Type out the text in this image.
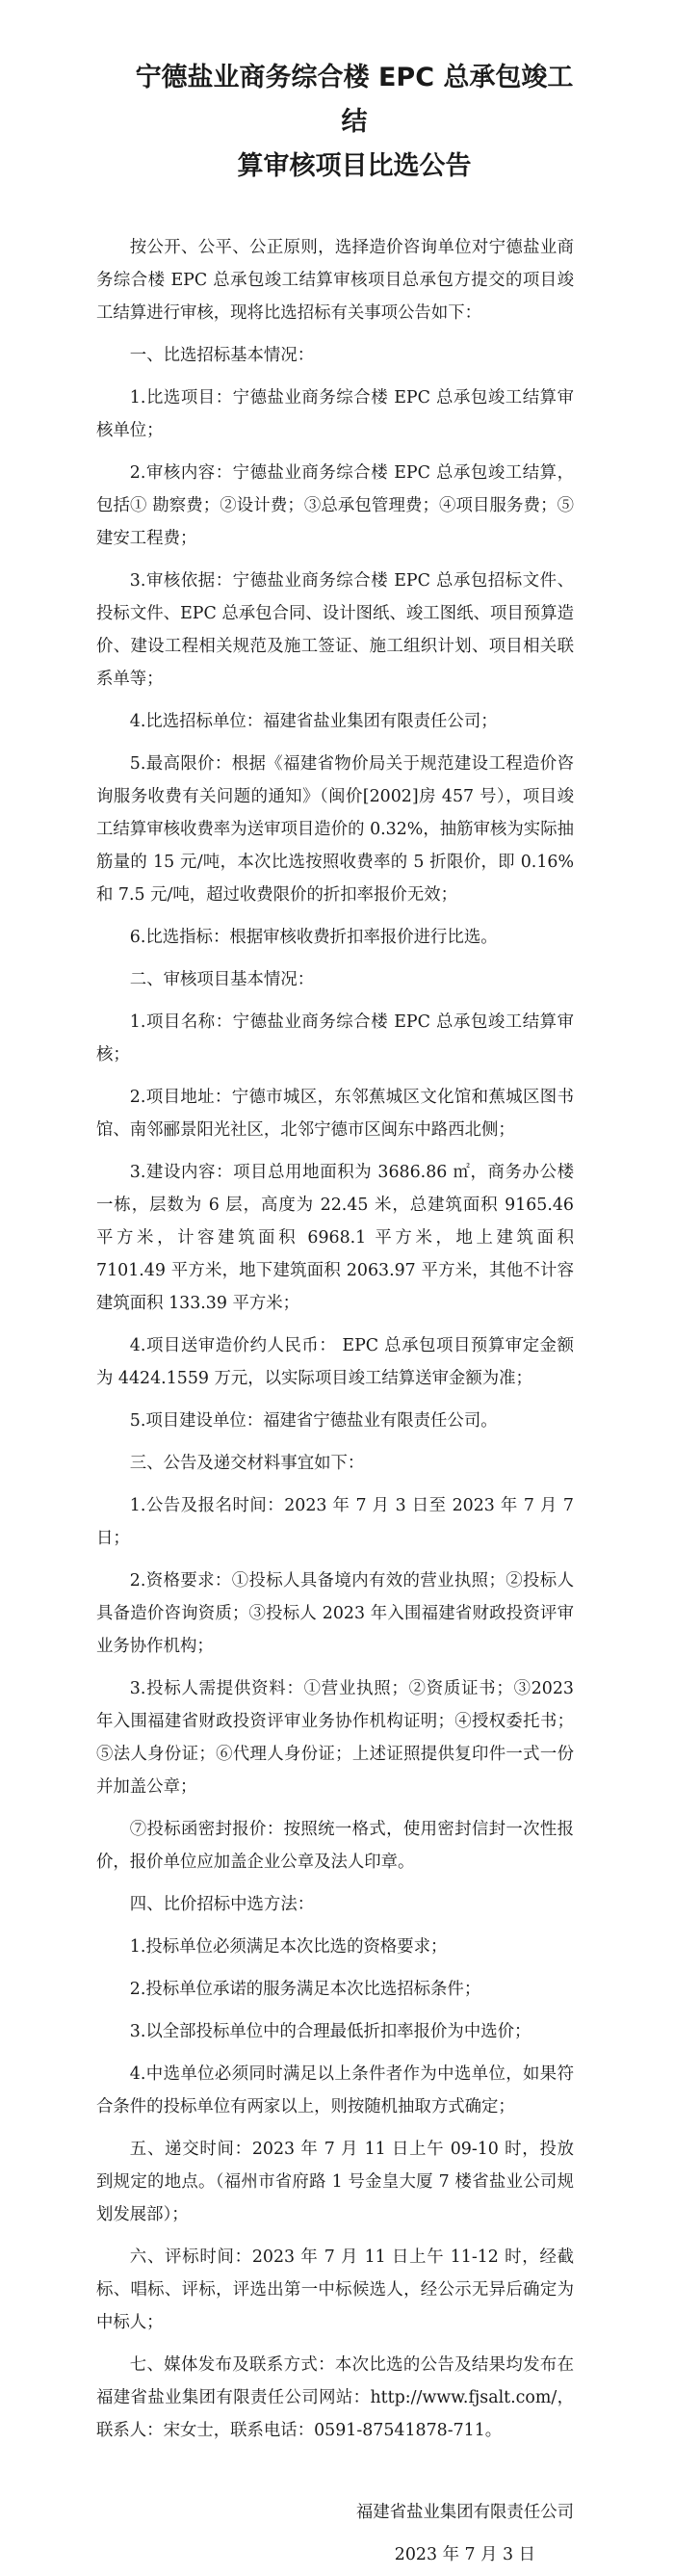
宁德盐业商务综合楼 EPC 总承包竣工结
算审核项目比选公告

按公开、公平、公正原则，选择造价咨询单位对宁德盐业商务综合楼 EPC 总承包竣工结算审核项目总承包方提交的项目竣工结算进行审核，现将比选招标有关事项公告如下：

一、比选招标基本情况：

1.比选项目：宁德盐业商务综合楼 EPC 总承包竣工结算审核单位；

2.审核内容：宁德盐业商务综合楼 EPC 总承包竣工结算，包括① 勘察费；②设计费；③总承包管理费；④项目服务费；⑤建安工程费；

3.审核依据：宁德盐业商务综合楼 EPC 总承包招标文件、投标文件、EPC 总承包合同、设计图纸、竣工图纸、项目预算造价、建设工程相关规范及施工签证、施工组织计划、项目相关联系单等；

4.比选招标单位：福建省盐业集团有限责任公司；

5.最高限价：根据《福建省物价局关于规范建设工程造价咨询服务收费有关问题的通知》（闽价[2002]房 457 号），项目竣工结算审核收费率为送审项目造价的 0.32%，抽筋审核为实际抽筋量的 15 元/吨，本次比选按照收费率的 5 折限价，即 0.16%和 7.5 元/吨，超过收费限价的折扣率报价无效；

6.比选指标：根据审核收费折扣率报价进行比选。

二、审核项目基本情况：

1.项目名称：宁德盐业商务综合楼 EPC 总承包竣工结算审核；

2.项目地址：宁德市城区，东邻蕉城区文化馆和蕉城区图书馆、南邻郦景阳光社区，北邻宁德市区闽东中路西北侧；

3.建设内容：项目总用地面积为 3686.86 ㎡，商务办公楼一栋，层数为 6 层，高度为 22.45 米，总建筑面积 9165.46 平方米，计容建筑面积 6968.1 平方米，地上建筑面积 7101.49 平方米，地下建筑面积 2063.97 平方米，其他不计容建筑面积 133.39 平方米；

4.项目送审造价约人民币： EPC 总承包项目预算审定金额为 4424.1559 万元，以实际项目竣工结算送审金额为准；

5.项目建设单位：福建省宁德盐业有限责任公司。

三、公告及递交材料事宜如下：

1.公告及报名时间：2023 年 7 月 3 日至 2023 年 7 月 7 日；

2.资格要求：①投标人具备境内有效的营业执照；②投标人具备造价咨询资质；③投标人 2023 年入围福建省财政投资评审业务协作机构；

3.投标人需提供资料：①营业执照；②资质证书；③2023 年入围福建省财政投资评审业务协作机构证明；④授权委托书；⑤法人身份证；⑥代理人身份证；上述证照提供复印件一式一份并加盖公章；

⑦投标函密封报价：按照统一格式，使用密封信封一次性报价，报价单位应加盖企业公章及法人印章。

四、比价招标中选方法：

1.投标单位必须满足本次比选的资格要求；

2.投标单位承诺的服务满足本次比选招标条件；

3.以全部投标单位中的合理最低折扣率报价为中选价；

4.中选单位必须同时满足以上条件者作为中选单位，如果符合条件的投标单位有两家以上，则按随机抽取方式确定；

五、递交时间：2023 年 7 月 11 日上午 09-10 时，投放到规定的地点。（福州市省府路 1 号金皇大厦 7 楼省盐业公司规划发展部）；

六、评标时间：2023 年 7 月 11 日上午 11-12 时，经截标、唱标、评标，评选出第一中标候选人，经公示无异后确定为中标人；

七、媒体发布及联系方式：本次比选的公告及结果均发布在福建省盐业集团有限责任公司网站：http://www.fjsalt.com/，联系人：宋女士，联系电话：0591-87541878-711。

福建省盐业集团有限责任公司
2023 年 7 月 3 日
